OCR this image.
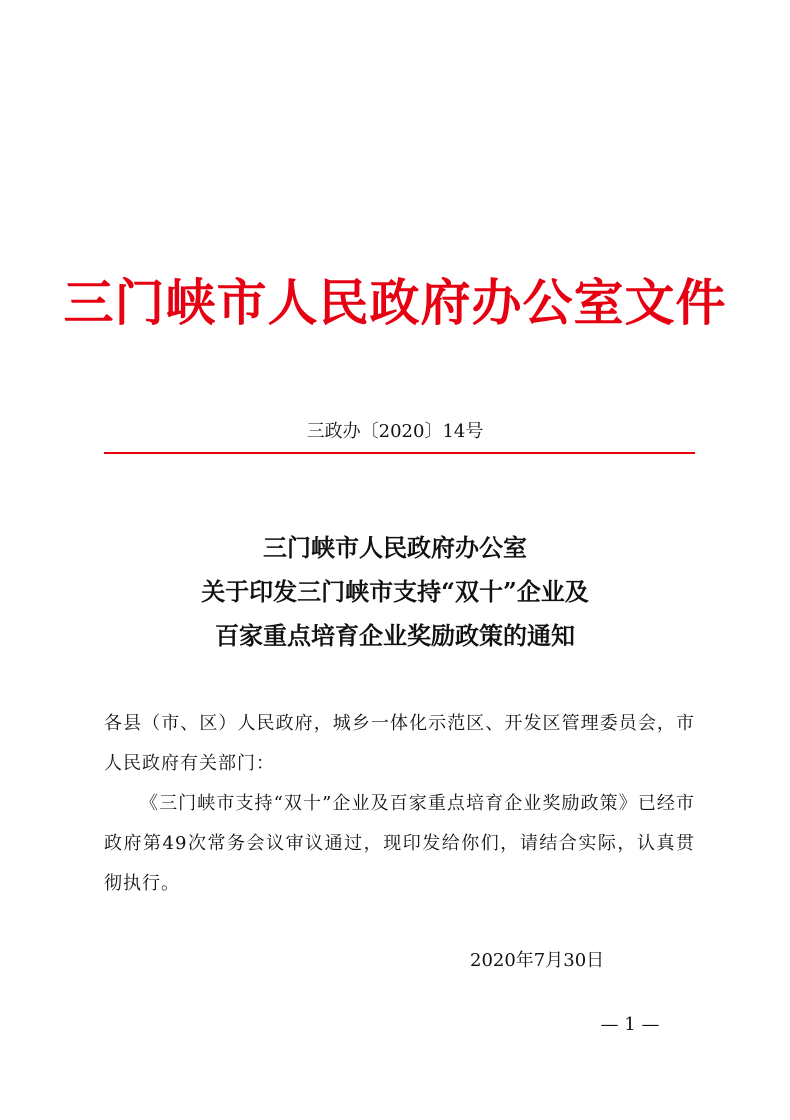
三门峡市人民政府办公室文件
三政办〔2020〕14号
三门峡市人民政府办公室
关于印发三门峡市支持“双十”企业及
百家重点培育企业奖励政策的通知
各县（市、区）人民政府，城乡一体化示范区、开发区管理委员会，市人民政府有关部门：
《三门峡市支持“双十”企业及百家重点培育企业奖励政策》已经市政府第49次常务会议审议通过，现印发给你们，请结合实际，认真贯彻执行。
2020年7月30日
— 1 —
